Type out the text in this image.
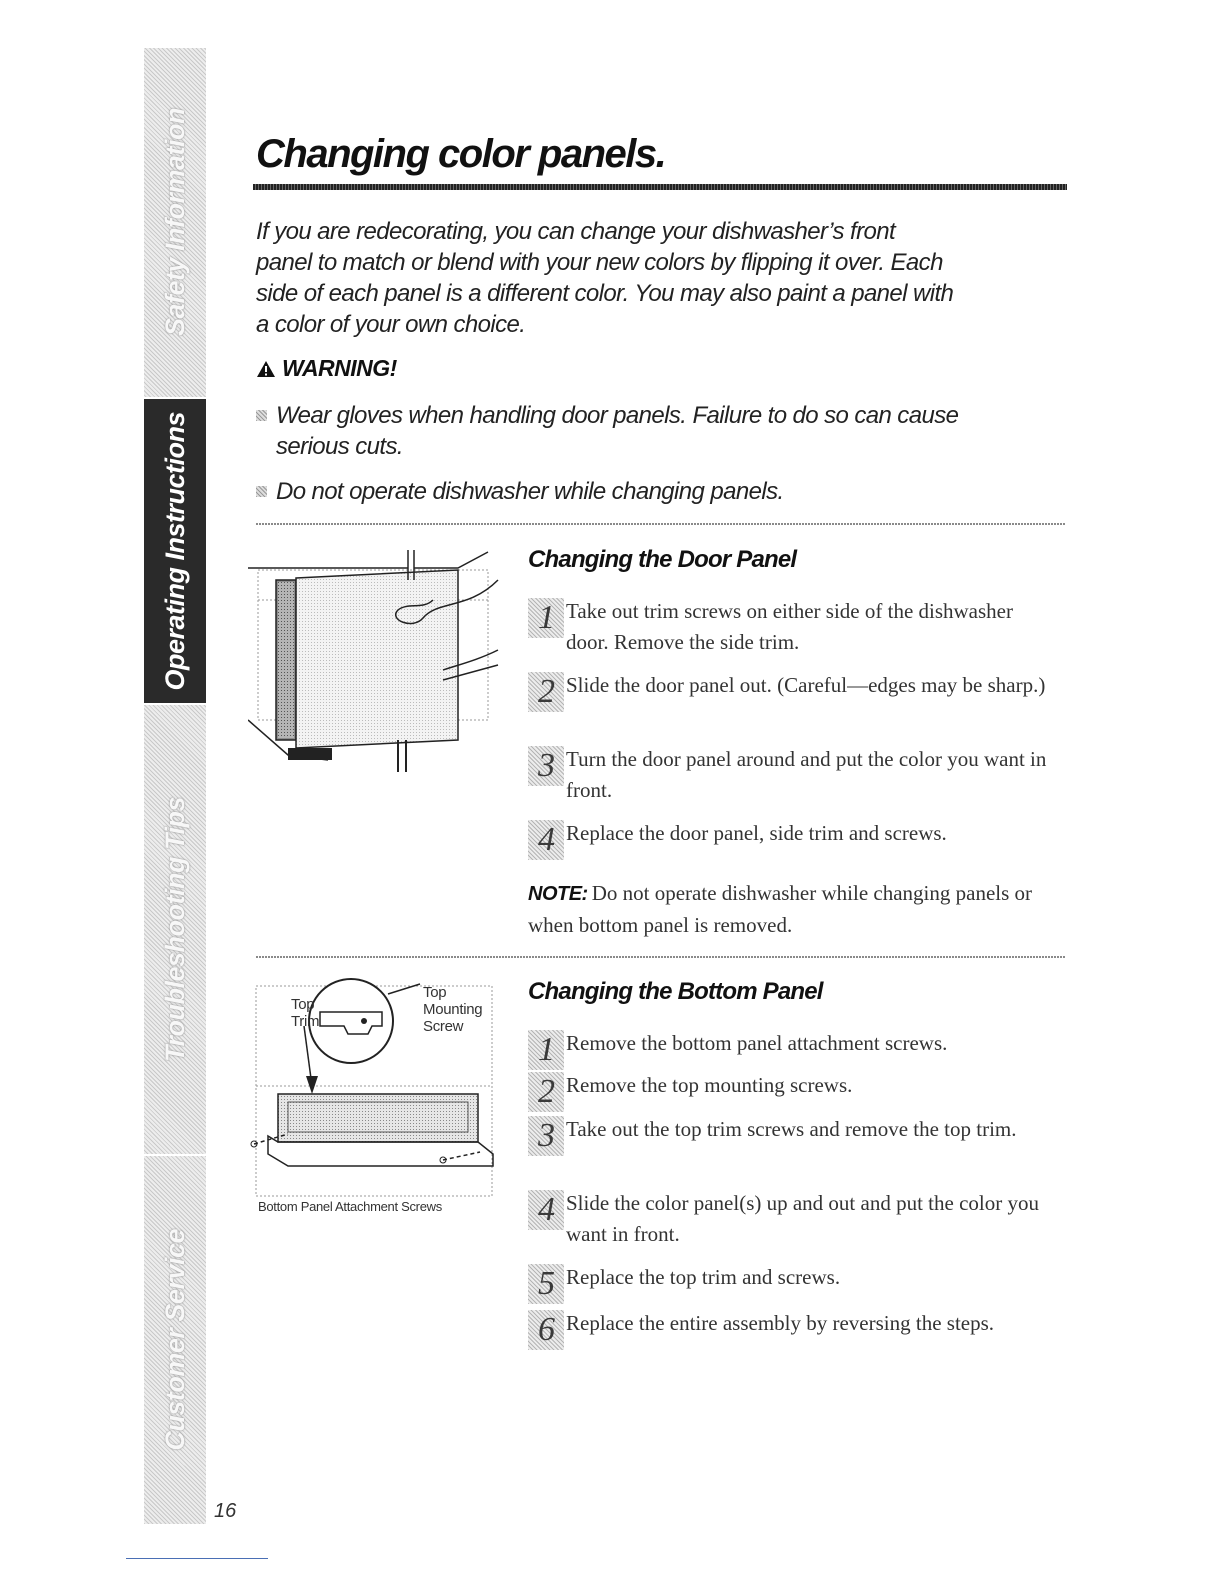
Safety Information
Operating Instructions
Troubleshooting Tips
Customer Service
Changing color panels.

If you are redecorating, you can change your dishwasher’s front panel to match or blend with your new colors by flipping it over. Each side of each panel is a different color. You may also paint a panel with a color of your own choice.

WARNING!
Wear gloves when handling door panels. Failure to do so can cause serious cuts.
Do not operate dishwasher while changing panels.
Changing the Door Panel
1 Take out trim screws on either side of the dishwasher door. Remove the side trim.
2 Slide the door panel out. (Careful—edges may be sharp.)
3 Turn the door panel around and put the color you want in front.
4 Replace the door panel, side trim and screws.
NOTE: Do not operate dishwasher while changing panels or when bottom panel is removed.
Top
Trim
Top
Mounting
Screw
Bottom Panel Attachment Screws
Changing the Bottom Panel
1 Remove the bottom panel attachment screws.
2 Remove the top mounting screws.
3 Take out the top trim screws and remove the top trim.
4 Slide the color panel(s) up and out and put the color you want in front.
5 Replace the top trim and screws.
6 Replace the entire assembly by reversing the steps.
16
